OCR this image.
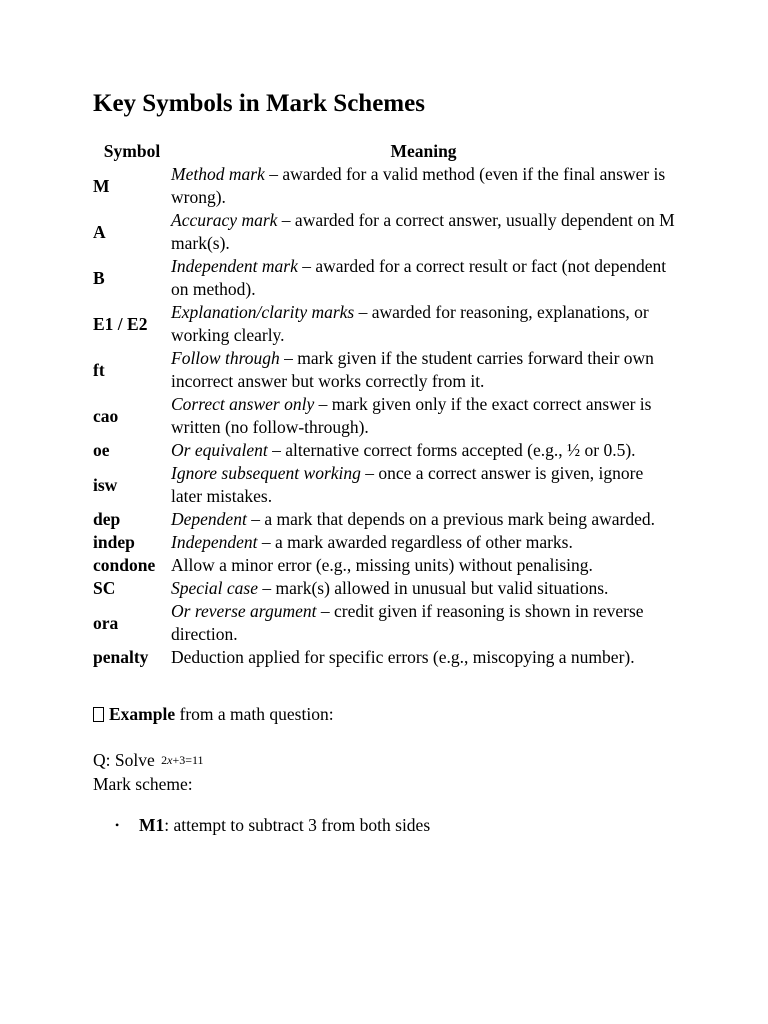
Key Symbols in Mark Schemes
Symbol	Meaning
M	Method mark – awarded for a valid method (even if the final answer is wrong).
A	Accuracy mark – awarded for a correct answer, usually dependent on M mark(s).
B	Independent mark – awarded for a correct result or fact (not dependent on method).
E1 / E2	Explanation/clarity marks – awarded for reasoning, explanations, or working clearly.
ft	Follow through – mark given if the student carries forward their own incorrect answer but works correctly from it.
cao	Correct answer only – mark given only if the exact correct answer is written (no follow-through).
oe	Or equivalent – alternative correct forms accepted (e.g., ½ or 0.5).
isw	Ignore subsequent working – once a correct answer is given, ignore later mistakes.
dep	Dependent – a mark that depends on a previous mark being awarded.
indep	Independent – a mark awarded regardless of other marks.
condone	Allow a minor error (e.g., missing units) without penalising.
SC	Special case – mark(s) allowed in unusual but valid situations.
ora	Or reverse argument – credit given if reasoning is shown in reverse direction.
penalty	Deduction applied for specific errors (e.g., miscopying a number).
Example from a math question:
Q: Solve 2x+3=11
Mark scheme:
• M1: attempt to subtract 3 from both sides
